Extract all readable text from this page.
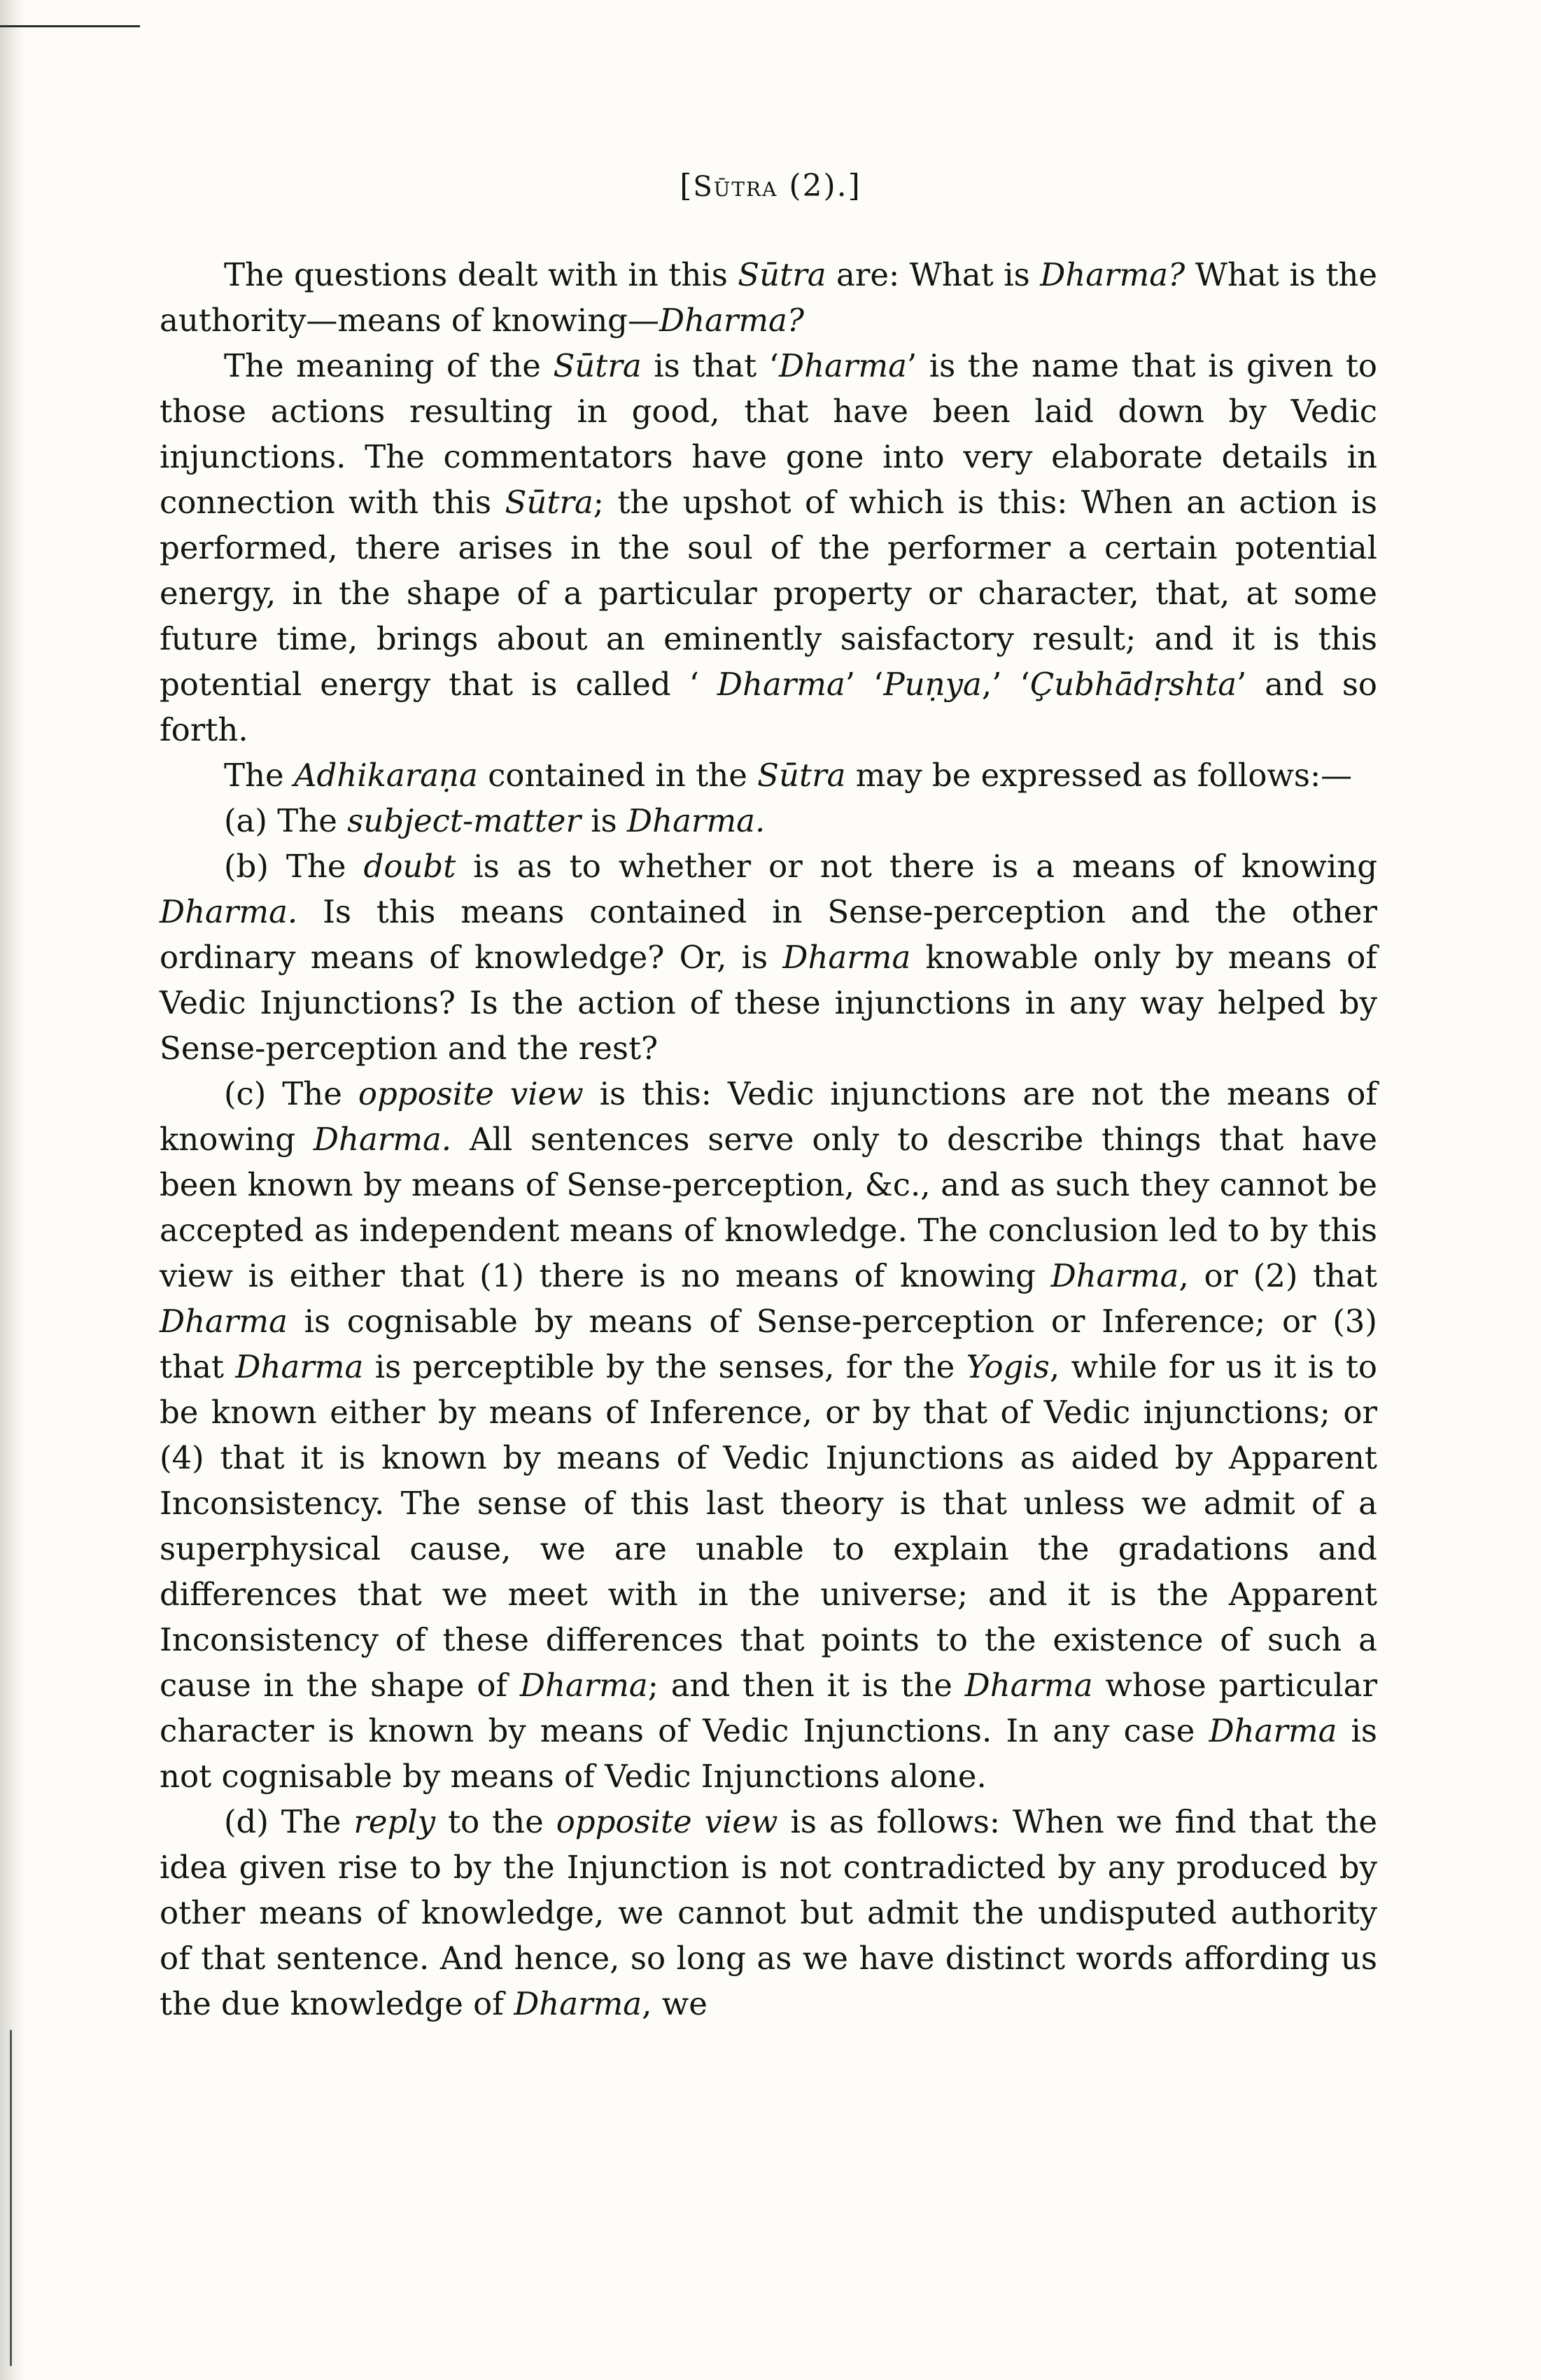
[Sūtra (2).]

The questions dealt with in this Sūtra are: What is Dharma? What is the authority—means of knowing—Dharma?

The meaning of the Sūtra is that ‘Dharma’ is the name that is given to those actions resulting in good, that have been laid down by Vedic injunctions. The commentators have gone into very elaborate details in connection with this Sūtra; the upshot of which is this: When an action is performed, there arises in the soul of the performer a certain potential energy, in the shape of a particular property or character, that, at some future time, brings about an eminently saisfactory result; and it is this potential energy that is called ‘ Dharma’ ‘Puṇya,’ ‘Çubhādṛshta’ and so forth.

The Adhikaraṇa contained in the Sūtra may be expressed as follows:—

(a) The subject-matter is Dharma.

(b) The doubt is as to whether or not there is a means of knowing Dharma. Is this means contained in Sense-perception and the other ordinary means of knowledge? Or, is Dharma knowable only by means of Vedic Injunctions? Is the action of these injunctions in any way helped by Sense-perception and the rest?

(c) The opposite view is this: Vedic injunctions are not the means of knowing Dharma. All sentences serve only to describe things that have been known by means of Sense-perception, &c., and as such they cannot be accepted as independent means of knowledge. The conclusion led to by this view is either that (1) there is no means of knowing Dharma, or (2) that Dharma is cognisable by means of Sense-perception or Inference; or (3) that Dharma is perceptible by the senses, for the Yogis, while for us it is to be known either by means of Inference, or by that of Vedic injunctions; or (4) that it is known by means of Vedic Injunctions as aided by Apparent Inconsistency. The sense of this last theory is that unless we admit of a superphysical cause, we are unable to explain the gradations and differences that we meet with in the universe; and it is the Apparent Inconsistency of these differences that points to the existence of such a cause in the shape of Dharma; and then it is the Dharma whose particular character is known by means of Vedic Injunctions. In any case Dharma is not cognisable by means of Vedic Injunctions alone.

(d) The reply to the opposite view is as follows: When we find that the idea given rise to by the Injunction is not contradicted by any produced by other means of knowledge, we cannot but admit the undisputed authority of that sentence. And hence, so long as we have distinct words affording us the due knowledge of Dharma, we
